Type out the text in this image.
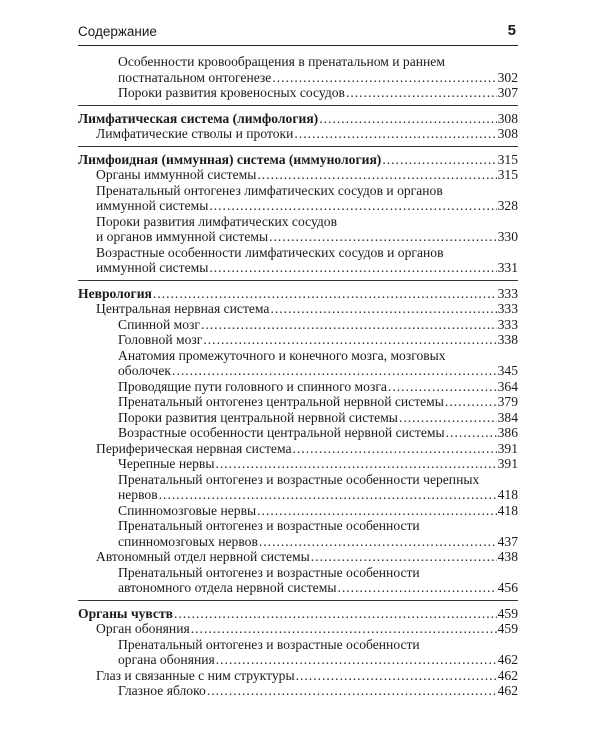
Содержание	5
Особенности кровообращения в пренатальном и раннем
постнатальном онтогенезе .....	302
Пороки развития кровеносных сосудов .....	307
Лимфатическая система (лимфология) .....	308
Лимфатические стволы и протоки .....	308
Лимфоидная (иммунная) система (иммунология) .....	315
Органы иммунной системы .....	315
Пренатальный онтогенез лимфатических сосудов и органов
иммунной системы .....	328
Пороки развития лимфатических сосудов
и органов иммунной системы .....	330
Возрастные особенности лимфатических сосудов и органов
иммунной системы .....	331
Неврология .....	333
Центральная нервная система .....	333
Спинной мозг .....	333
Головной мозг .....	338
Анатомия промежуточного и конечного мозга, мозговых
оболочек .....	345
Проводящие пути головного и спинного мозга .....	364
Пренатальный онтогенез центральной нервной системы .....	379
Пороки развития центральной нервной системы .....	384
Возрастные особенности центральной нервной системы .....	386
Периферическая нервная система .....	391
Черепные нервы .....	391
Пренатальный онтогенез и возрастные особенности черепных
нервов .....	418
Спинномозговые нервы .....	418
Пренатальный онтогенез и возрастные особенности
спинномозговых нервов .....	437
Автономный отдел нервной системы .....	438
Пренатальный онтогенез и возрастные особенности
автономного отдела нервной системы .....	456
Органы чувств .....	459
Орган обоняния .....	459
Пренатальный онтогенез и возрастные особенности
органа обоняния .....	462
Глаз и связанные с ним структуры .....	462
Глазное яблоко .....	462
